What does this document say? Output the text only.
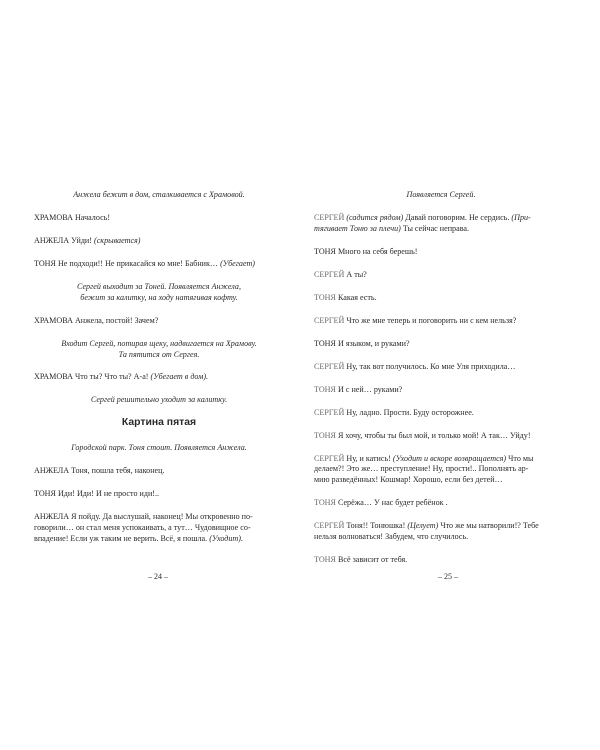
Анжела бежит в дом, сталкивается с Храмовой.
ХРАМОВА Началось!
АНЖЕЛА Уйди! (скрывается)
ТОНЯ Не подходи!! Не прикасайся ко мне! Бабник… (Убегает)
Сергей выходит за Тоней. Появляется Анжела,
бежит за калитку, на ходу натягивая кофту.
ХРАМОВА Анжела, постой! Зачем?
Входит Сергей, потирая щеку, надвигается на Храмову.
Та пятится от Сергея.
ХРАМОВА Что ты? Что ты? А-а! (Убегает в дом).
Сергей решительно уходит за калитку.
Картина пятая
Городской парк. Тоня стоит. Появляется Анжела.
АНЖЕЛА Тоня, пошла тебя, наконец.
ТОНЯ Иди! Иди! И не просто иди!..
АНЖЕЛА Я пойду. Да выслушай, наконец! Мы откровенно по-
говорили… он стал меня успокаивать, а тут… Чудовищное со-
впадение! Если уж таким не верить. Всё, я пошла. (Уходит).
– 24 –
Появляется Сергей.
СЕРГЕЙ (садится рядом) Давай поговорим. Не сердись. (При-
тягивает Тоню за плечи) Ты сейчас неправа.
ТОНЯ Много на себя берешь!
СЕРГЕЙ А ты?
ТОНЯ Какая есть.
СЕРГЕЙ Что же мне теперь и поговорить ни с кем нельзя?
ТОНЯ И языком, и руками?
СЕРГЕЙ Ну, так вот получилось. Ко мне Уля приходила…
ТОНЯ И с ней… руками?
СЕРГЕЙ Ну, ладно. Прости. Буду осторожнее.
ТОНЯ Я хочу, чтобы ты был мой, и только мой! А так… Уйду!
СЕРГЕЙ Ну, и катись! (Уходит и вскоре возвращается) Что мы
делаем?! Это же… преступление! Ну, прости!.. Пополнять ар-
мию разведённых! Кошмар! Хорошо, если без детей…
ТОНЯ Серёжа… У нас будет ребёнок .
СЕРГЕЙ Тоня!! Тонюшка! (Целует) Что же мы натворили!? Тебе
нельзя волноваться! Забудем, что случилось.
ТОНЯ Всё зависит от тебя.
– 25 –
